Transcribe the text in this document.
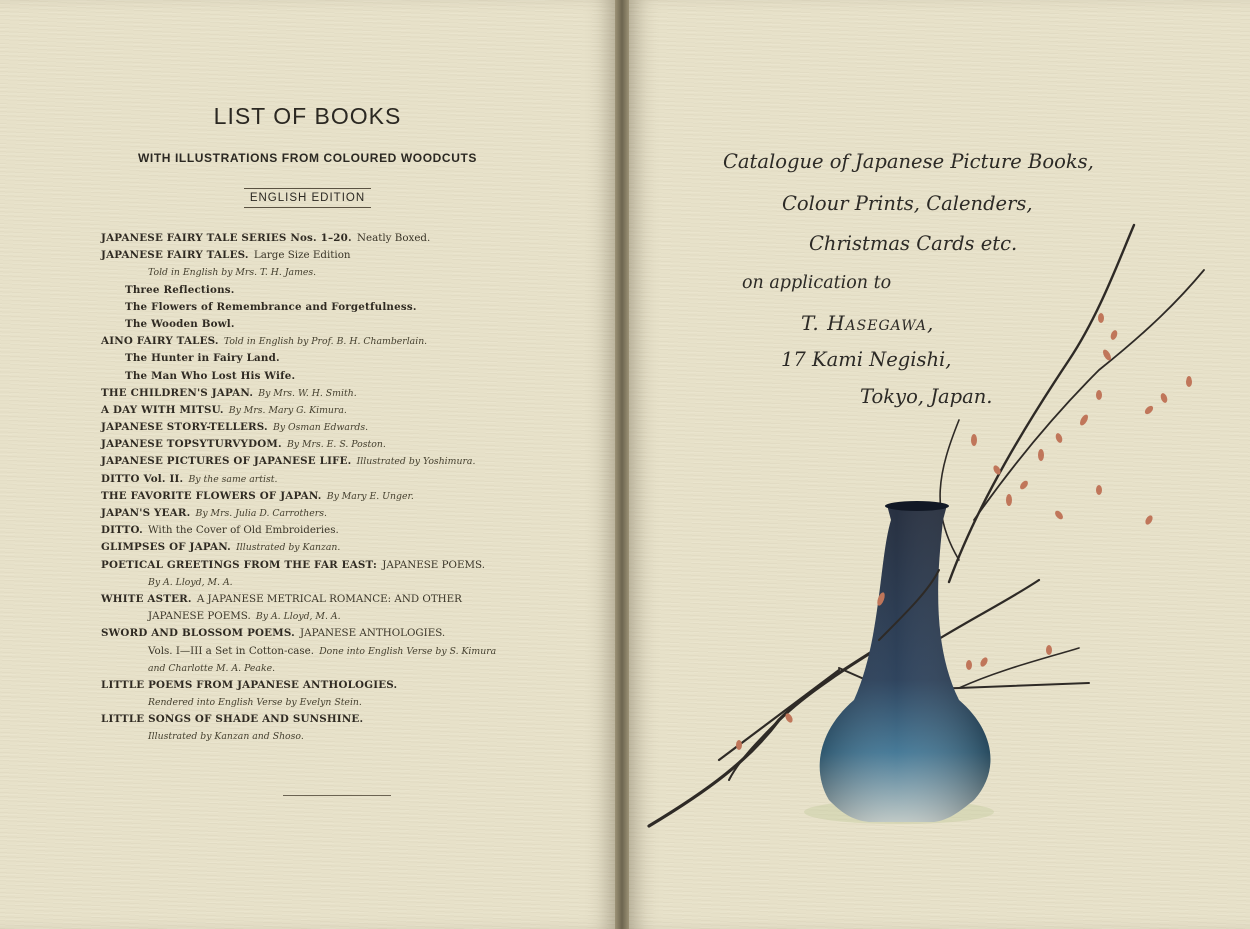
LIST OF BOOKS
WITH ILLUSTRATIONS FROM COLOURED WOODCUTS
ENGLISH EDITION
JAPANESE FAIRY TALE SERIES Nos. 1–20.  Neatly Boxed.
JAPANESE FAIRY TALES.  Large Size Edition
Told in English by Mrs. T. H. James.
Three Reflections.
The Flowers of Remembrance and Forgetfulness.
The Wooden Bowl.
AINO FAIRY TALES.  Told in English by Prof. B. H. Chamberlain.
The Hunter in Fairy Land.
The Man Who Lost His Wife.
THE CHILDREN'S JAPAN.  By Mrs. W. H. Smith.
A DAY WITH MITSU.  By Mrs. Mary G. Kimura.
JAPANESE STORY-TELLERS.  By Osman Edwards.
JAPANESE TOPSYTURVYDOM.  By Mrs. E. S. Poston.
JAPANESE PICTURES OF JAPANESE LIFE.  Illustrated by Yoshimura.
DITTO Vol. II.  By the same artist.
THE FAVORITE FLOWERS OF JAPAN.  By Mary E. Unger.
JAPAN'S YEAR.  By Mrs. Julia D. Carrothers.
DITTO.  With the Cover of Old Embroideries.
GLIMPSES OF JAPAN.  Illustrated by Kanzan.
POETICAL GREETINGS FROM THE FAR EAST:  JAPANESE POEMS.
By A. Lloyd, M. A.
WHITE ASTER.  A JAPANESE METRICAL ROMANCE: AND OTHER
JAPANESE POEMS.  By A. Lloyd, M. A.
SWORD AND BLOSSOM POEMS.  JAPANESE ANTHOLOGIES.
Vols. I—III a Set in Cotton-case.  Done into English Verse by S. Kimura
and Charlotte M. A. Peake.
LITTLE POEMS FROM JAPANESE ANTHOLOGIES.
Rendered into English Verse by Evelyn Stein.
LITTLE SONGS OF SHADE AND SUNSHINE.
Illustrated by Kanzan and Shoso.
Catalogue of Japanese Picture Books,
Colour Prints, Calenders,
Christmas Cards etc.
on application to
T. Hasegawa,
17 Kami Negishi,
Tokyo, Japan.
